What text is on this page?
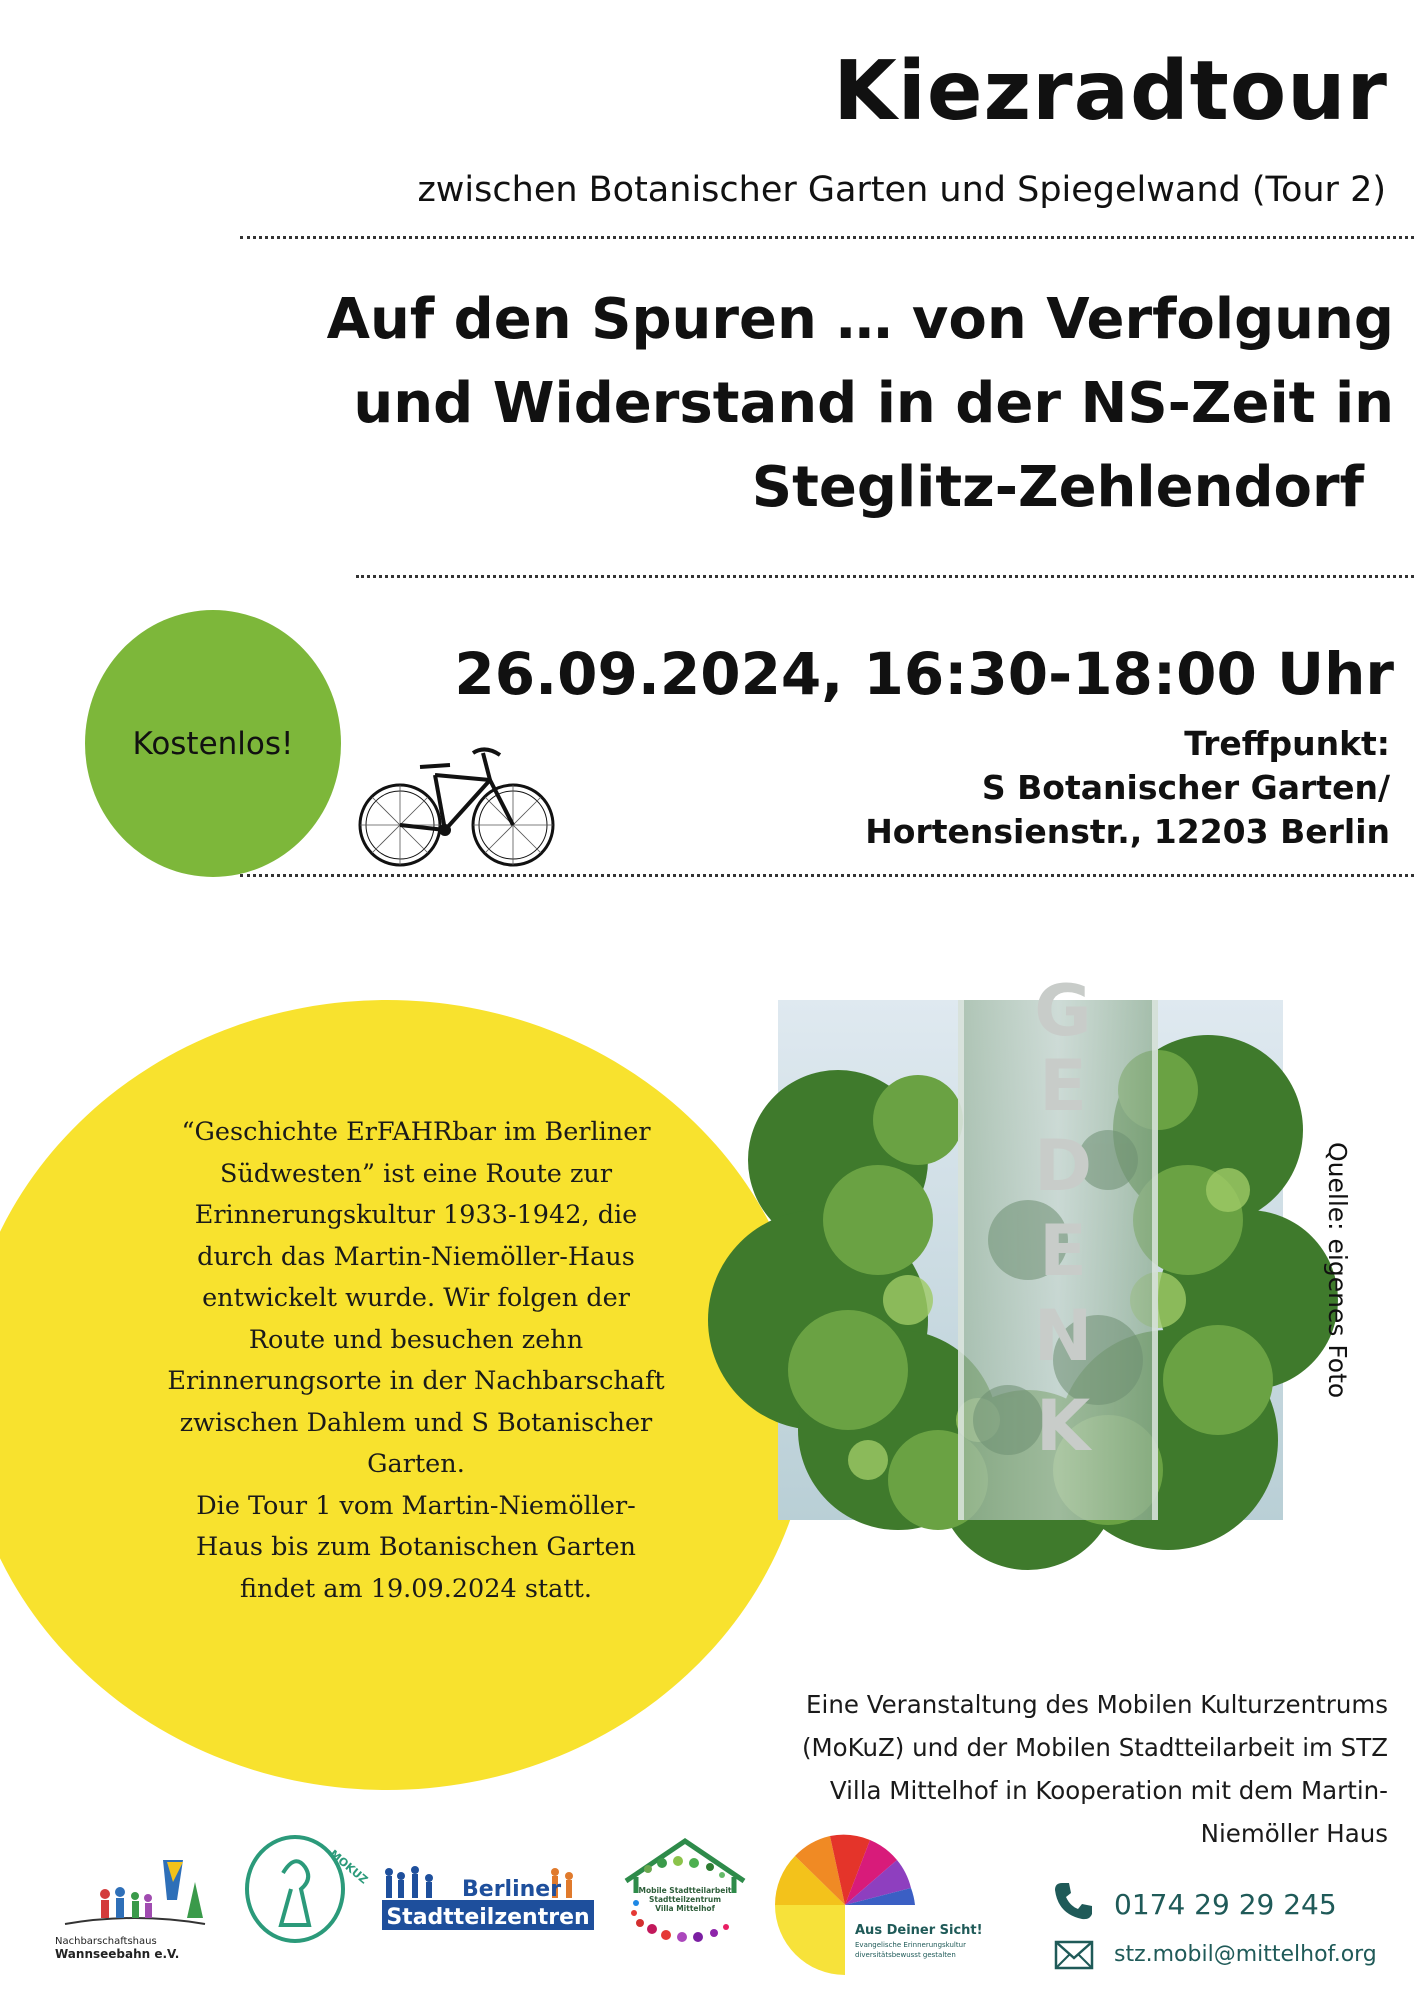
Kiezradtour
zwischen Botanischer Garten und Spiegelwand (Tour 2)
Auf den Spuren … von Verfolgung
und Widerstand in der NS-Zeit in
Steglitz-Zehlendorf
Kostenlos!
26.09.2024, 16:30-18:00 Uhr
Treffpunkt:
S Botanischer Garten/
Hortensienstr., 12203 Berlin
“Geschichte ErFAHRbar im Berliner
Südwesten” ist eine Route zur
Erinnerungskultur 1933-1942, die
durch das Martin-Niemöller-Haus
entwickelt wurde. Wir folgen der
Route und besuchen zehn
Erinnerungsorte in der Nachbarschaft
zwischen Dahlem und S Botanischer
Garten.
Die Tour 1 vom Martin-Niemöller-
Haus bis zum Botanischen Garten
findet am 19.09.2024 statt.
G
E
D
E
N
K
Quelle: eigenes Foto
Eine Veranstaltung des Mobilen Kulturzentrums
(MoKuZ) und der Mobilen Stadtteilarbeit im STZ
Villa Mittelhof in Kooperation mit dem Martin-
Niemöller Haus
Nachbarschaftshaus
Wannseebahn e.V.
MOKUZ
Berliner
Stadtteilzentren
Mobile Stadtteilarbeit
Stadtteilzentrum
Villa Mittelhof
Aus Deiner Sicht!
Evangelische Erinnerungskultur
diversitätsbewusst gestalten
0174 29 29 245
stz.mobil@mittelhof.org
